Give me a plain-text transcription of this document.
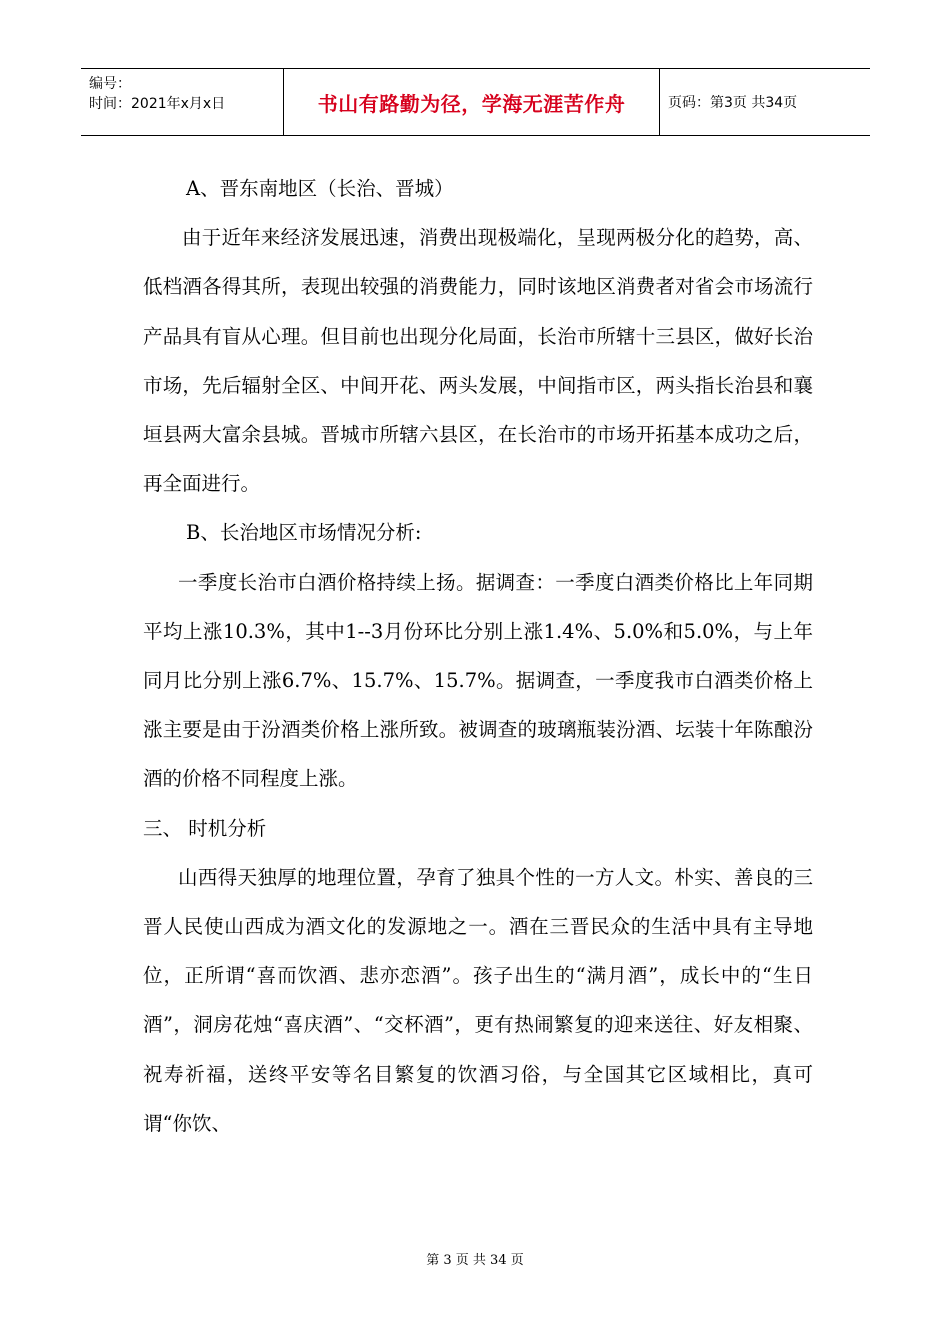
编号：
时间：2021年x月x日	书山有路勤为径，学海无涯苦作舟	页码：第3页 共34页

A、晋东南地区（长治、晋城）

由于近年来经济发展迅速，消费出现极端化，呈现两极分化的趋势，高、低档酒各得其所，表现出较强的消费能力，同时该地区消费者对省会市场流行产品具有盲从心理。但目前也出现分化局面，长治市所辖十三县区，做好长治市场，先后辐射全区、中间开花、两头发展，中间指市区，两头指长治县和襄垣县两大富余县城。晋城市所辖六县区，在长治市的市场开拓基本成功之后，再全面进行。

B、长治地区市场情况分析:

一季度长治市白酒价格持续上扬。据调查：一季度白酒类价格比上年同期平均上涨10.3%，其中1--3月份环比分别上涨1.4%、5.0%和5.0%，与上年同月比分别上涨6.7%、15.7%、15.7%。据调查，一季度我市白酒类价格上涨主要是由于汾酒类价格上涨所致。被调查的玻璃瓶装汾酒、坛装十年陈酿汾酒的价格不同程度上涨。

三、 时机分析

山西得天独厚的地理位置，孕育了独具个性的一方人文。朴实、善良的三晋人民使山西成为酒文化的发源地之一。酒在三晋民众的生活中具有主导地位，正所谓“喜而饮酒、悲亦恋酒”。孩子出生的“满月酒”，成长中的“生日酒”，洞房花烛“喜庆酒”、“交杯酒”，更有热闹繁复的迎来送往、好友相聚、祝寿祈福，送终平安等名目繁复的饮酒习俗，与全国其它区域相比，真可谓“你饮、

第 3 页 共 34 页
